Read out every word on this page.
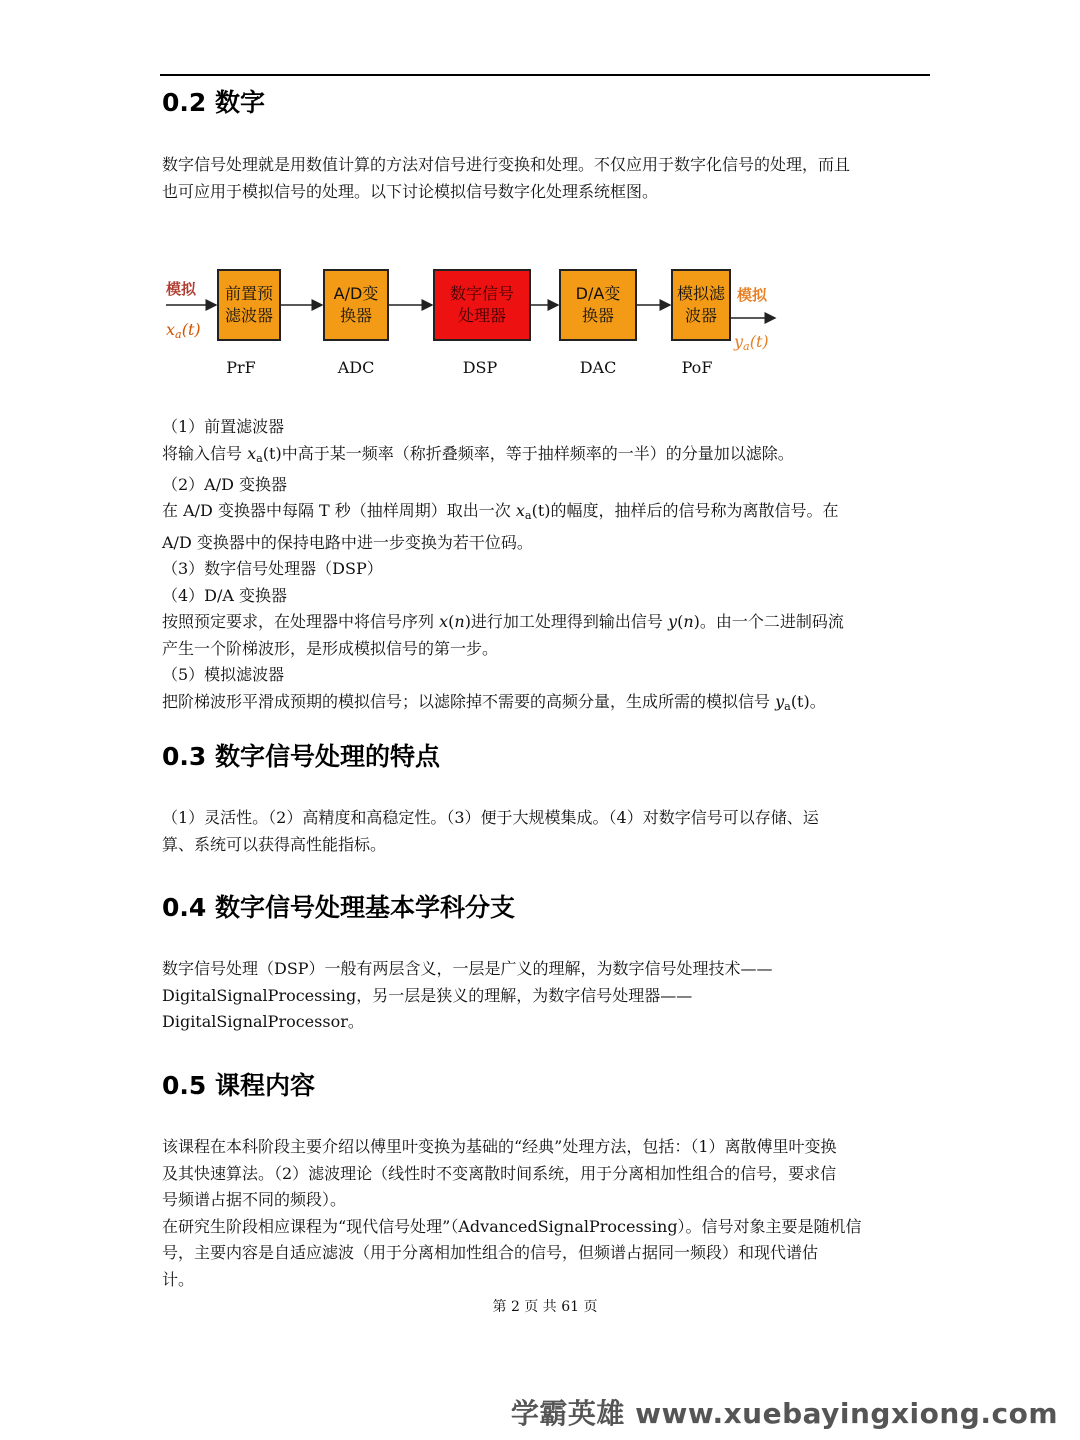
0.2 数字
数字信号处理就是用数值计算的方法对信号进行变换和处理。不仅应用于数字化信号的处理，而且
也可应用于模拟信号的处理。以下讨论模拟信号数字化处理系统框图。
模拟
$x_a(t)$
前置预滤波器
A/D变换器
数字信号处理器
D/A变换器
模拟滤波器
模拟
$y_a(t)$
PrF	ADC	DSP	DAC	PoF
（1）前置滤波器
将输入信号 $x_a(t)$中高于某一频率（称折叠频率，等于抽样频率的一半）的分量加以滤除。
（2）A/D 变换器
在 A/D 变换器中每隔 T 秒（抽样周期）取出一次 $x_a(t)$的幅度，抽样后的信号称为离散信号。在
A/D 变换器中的保持电路中进一步变换为若干位码。
（3）数字信号处理器（DSP）
（4）D/A 变换器
按照预定要求，在处理器中将信号序列 x(n)进行加工处理得到输出信号 y(n)。由一个二进制码流
产生一个阶梯波形，是形成模拟信号的第一步。
（5）模拟滤波器
把阶梯波形平滑成预期的模拟信号；以滤除掉不需要的高频分量，生成所需的模拟信号 $y_a(t)$。
0.3 数字信号处理的特点
（1）灵活性。（2）高精度和高稳定性。（3）便于大规模集成。（4）对数字信号可以存储、运
算、系统可以获得高性能指标。
0.4 数字信号处理基本学科分支
数字信号处理（DSP）一般有两层含义，一层是广义的理解，为数字信号处理技术——
DigitalSignalProcessing，另一层是狭义的理解，为数字信号处理器——
DigitalSignalProcessor。
0.5 课程内容
该课程在本科阶段主要介绍以傅里叶变换为基础的“经典”处理方法，包括：（1）离散傅里叶变换
及其快速算法。（2）滤波理论（线性时不变离散时间系统，用于分离相加性组合的信号，要求信
号频谱占据不同的频段）。
在研究生阶段相应课程为“现代信号处理”（AdvancedSignalProcessing）。信号对象主要是随机信
号，主要内容是自适应滤波（用于分离相加性组合的信号，但频谱占据同一频段）和现代谱估
计。
第 2 页 共 61 页
学霸英雄 www.xuebayingxiong.com
